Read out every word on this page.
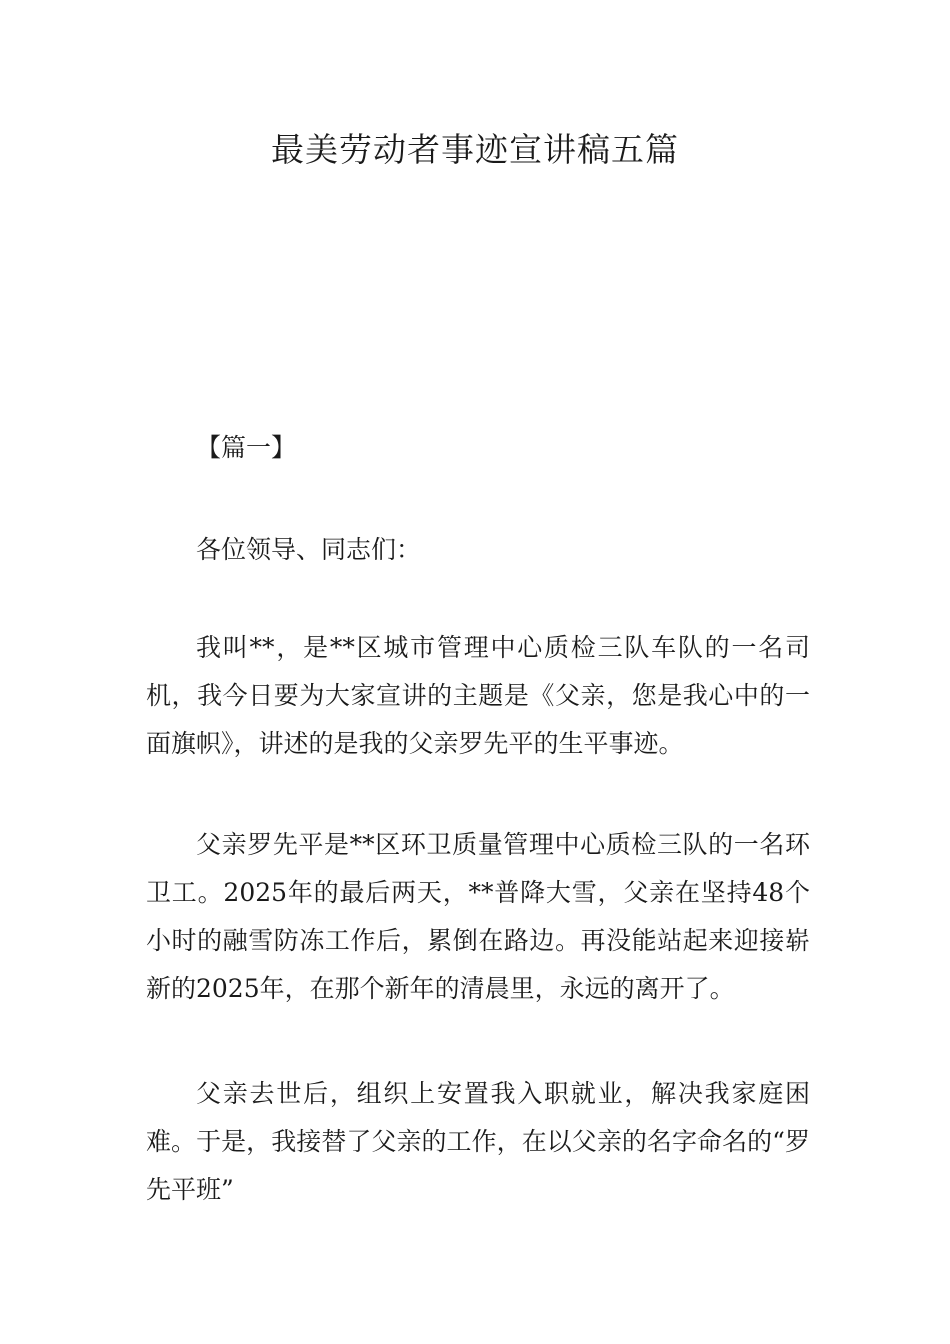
最美劳动者事迹宣讲稿五篇

【篇一】

各位领导、同志们：

我叫**，是**区城市管理中心质检三队车队的一名司机，我今日要为大家宣讲的主题是《父亲，您是我心中的一面旗帜》，讲述的是我的父亲罗先平的生平事迹。

父亲罗先平是**区环卫质量管理中心质检三队的一名环卫工。2025年的最后两天，**普降大雪，父亲在坚持48个小时的融雪防冻工作后，累倒在路边。再没能站起来迎接崭新的2025年，在那个新年的清晨里，永远的离开了。

父亲去世后，组织上安置我入职就业，解决我家庭困难。于是，我接替了父亲的工作，在以父亲的名字命名的“罗先平班”
